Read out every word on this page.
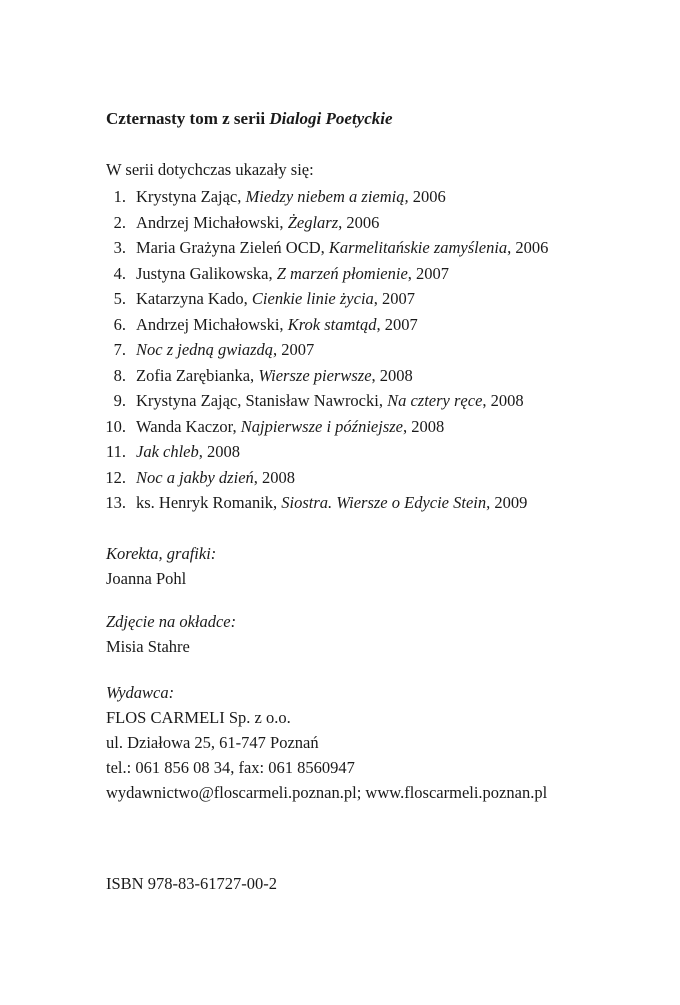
Czternasty tom z serii Dialogi Poetyckie
W serii dotychczas ukazały się:
1. Krystyna Zając, Miedzy niebem a ziemią, 2006
2. Andrzej Michałowski, Żeglarz , 2006
3. Maria Grażyna Zieleń OCD, Karmelitańskie zamyślenia , 2006
4. Justyna Galikowska, Z marzeń płomienie , 2007
5. Katarzyna Kado, Cienkie linie życia , 2007
6. Andrzej Michałowski, Krok stamtąd , 2007
7. Noc z jedną gwiazdą , 2007
8. Zofia Zarębianka, Wiersze pierwsze , 2008
9. Krystyna Zając, Stanisław Nawrocki, Na cztery ręce , 2008
10. Wanda Kaczor, Najpierwsze i późniejsze , 2008
11. Jak chleb , 2008
12. Noc a jakby dzień , 2008
13. ks. Henryk Romanik, Siostra. Wiersze o Edycie Stein , 2009
Korekta, grafiki:
Joanna Pohl
Zdjęcie na okładce:
Misia Stahre
Wydawca:
FLOS CARMELI Sp. z o.o.
ul. Działowa 25, 61-747 Poznań
tel.: 061 856 08 34, fax: 061 8560947
wydawnictwo@floscarmeli.poznan.pl; www.floscarmeli.poznan.pl
ISBN 978-83-61727-00-2
